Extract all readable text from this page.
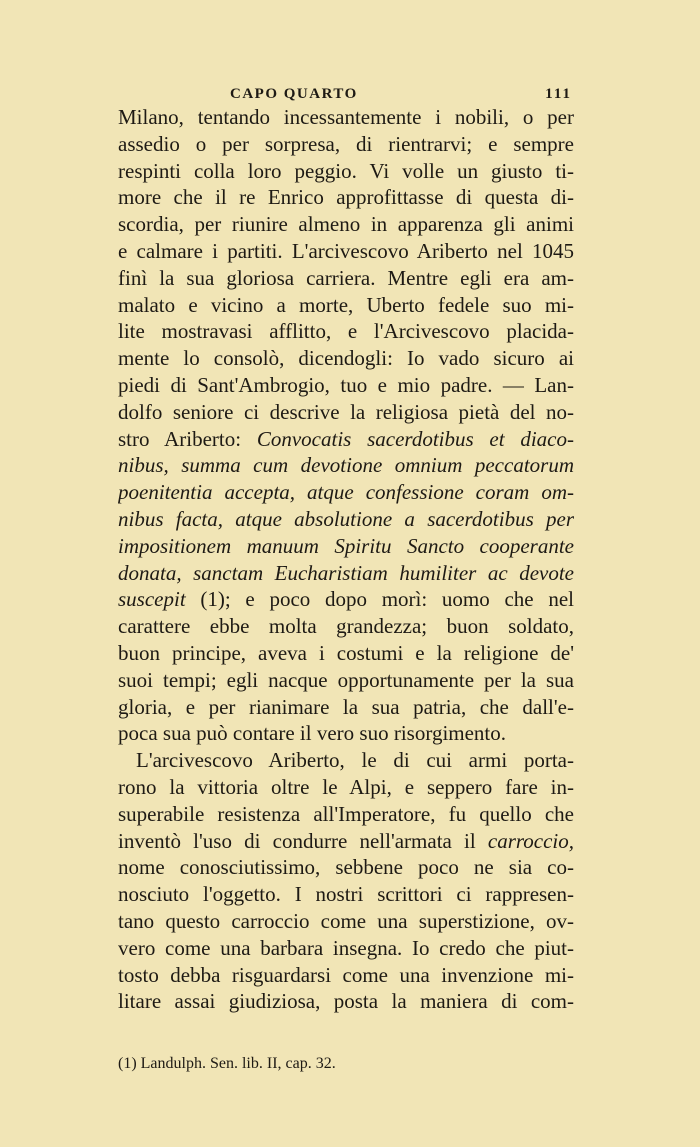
CAPO QUARTO	111
Milano, tentando incessantemente i nobili, o per
assedio o per sorpresa, di rientrarvi; e sempre
respinti colla loro peggio. Vi volle un giusto ti-
more che il re Enrico approfittasse di questa di-
scordia, per riunire almeno in apparenza gli animi
e calmare i partiti. L'arcivescovo Ariberto nel 1045
finì la sua gloriosa carriera. Mentre egli era am-
malato e vicino a morte, Uberto fedele suo mi-
lite mostravasi afflitto, e l'Arcivescovo placida-
mente lo consolò, dicendogli: Io vado sicuro ai
piedi di Sant'Ambrogio, tuo e mio padre. — Lan-
dolfo seniore ci descrive la religiosa pietà del no-
stro Ariberto: Convocatis sacerdotibus et diaco-
nibus, summa cum devotione omnium peccatorum
poenitentia accepta, atque confessione coram om-
nibus facta, atque absolutione a sacerdotibus per
impositionem manuum Spiritu Sancto cooperante
donata, sanctam Eucharistiam humiliter ac devote
suscepit (1); e poco dopo morì: uomo che nel
carattere ebbe molta grandezza; buon soldato,
buon principe, aveva i costumi e la religione de'
suoi tempi; egli nacque opportunamente per la sua
gloria, e per rianimare la sua patria, che dall'e-
poca sua può contare il vero suo risorgimento.
L'arcivescovo Ariberto, le di cui armi porta-
rono la vittoria oltre le Alpi, e seppero fare in-
superabile resistenza all'Imperatore, fu quello che
inventò l'uso di condurre nell'armata il carroccio,
nome conosciutissimo, sebbene poco ne sia co-
nosciuto l'oggetto. I nostri scrittori ci rappresen-
tano questo carroccio come una superstizione, ov-
vero come una barbara insegna. Io credo che piut-
tosto debba risguardarsi come una invenzione mi-
litare assai giudiziosa, posta la maniera di com-
(1) Landulph. Sen. lib. II, cap. 32.
